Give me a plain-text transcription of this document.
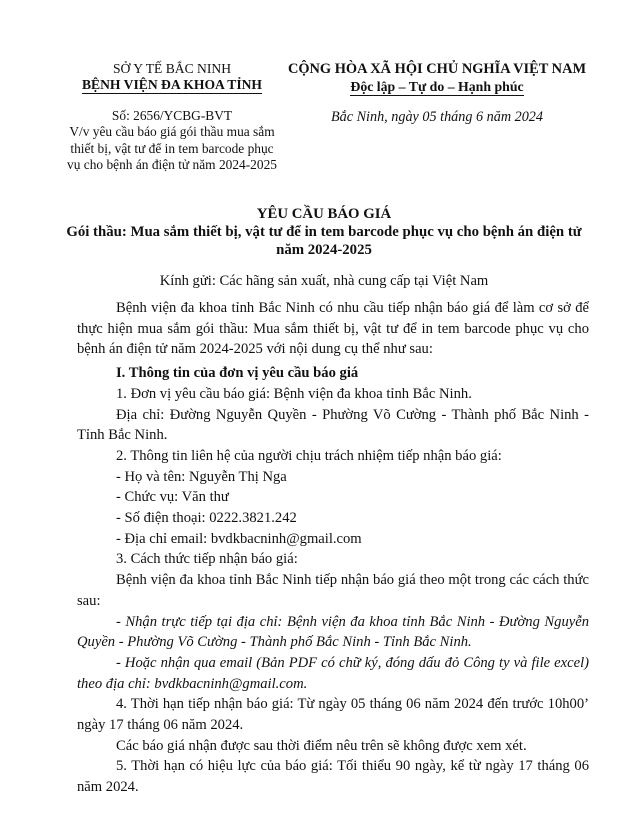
SỞ Y TẾ BẮC NINH
BỆNH VIỆN ĐA KHOA TỈNH
CỘNG HÒA XÃ HỘI CHỦ NGHĨA VIỆT NAM
Độc lập – Tự do – Hạnh phúc
Số: 2656/YCBG-BVT
V/v yêu cầu báo giá gói thầu mua sắm thiết bị, vật tư để in tem barcode phục vụ cho bệnh án điện tử năm 2024-2025
Bắc Ninh, ngày 05 tháng 6 năm 2024
YÊU CẦU BÁO GIÁ
Gói thầu: Mua sắm thiết bị, vật tư để in tem barcode phục vụ cho bệnh án điện tử năm 2024-2025
Kính gửi: Các hãng sản xuất, nhà cung cấp tại Việt Nam

Bệnh viện đa khoa tỉnh Bắc Ninh có nhu cầu tiếp nhận báo giá để làm cơ sở để thực hiện mua sắm gói thầu: Mua sắm thiết bị, vật tư để in tem barcode phục vụ cho bệnh án điện tử năm 2024-2025 với nội dung cụ thể như sau:

I. Thông tin của đơn vị yêu cầu báo giá

1. Đơn vị yêu cầu báo giá: Bệnh viện đa khoa tỉnh Bắc Ninh.

Địa chỉ: Đường Nguyễn Quyền - Phường Võ Cường - Thành phố Bắc Ninh - Tỉnh Bắc Ninh.

2. Thông tin liên hệ của người chịu trách nhiệm tiếp nhận báo giá:

- Họ và tên: Nguyễn Thị Nga

- Chức vụ: Văn thư

- Số điện thoại: 0222.3821.242

- Địa chỉ email: bvdkbacninh@gmail.com

3. Cách thức tiếp nhận báo giá:

Bệnh viện đa khoa tỉnh Bắc Ninh tiếp nhận báo giá theo một trong các cách thức sau:

- Nhận trực tiếp tại địa chỉ: Bệnh viện đa khoa tỉnh Bắc Ninh - Đường Nguyễn Quyền - Phường Võ Cường - Thành phố Bắc Ninh - Tỉnh Bắc Ninh.

- Hoặc nhận qua email (Bản PDF có chữ ký, đóng dấu đỏ Công ty và file excel) theo địa chỉ: bvdkbacninh@gmail.com.

4. Thời hạn tiếp nhận báo giá: Từ ngày 05 tháng 06 năm 2024 đến trước 10h00’ ngày 17 tháng 06 năm 2024.

Các báo giá nhận được sau thời điểm nêu trên sẽ không được xem xét.

5. Thời hạn có hiệu lực của báo giá: Tối thiểu 90 ngày, kể từ ngày 17 tháng 06 năm 2024.
